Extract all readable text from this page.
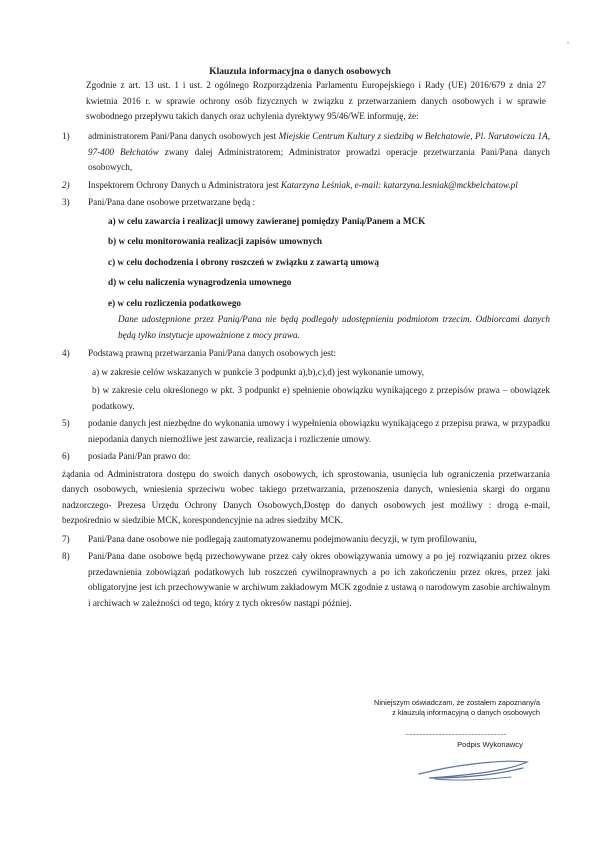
›
Klauzula informacyjna o danych osobowych
Zgodnie z art. 13 ust. 1 i ust. 2 ogólnego Rozporządzenia Parlamentu Europejskiego i Rady (UE) 2016/679 z dnia 27 kwietnia 2016 r. w sprawie ochrony osób fizycznych w związku z przetwarzaniem danych osobowych i w sprawie swobodnego przepływu takich danych oraz uchylenia dyrektywy 95/46/WE informuję, że:
1) administratorem Pani/Pana danych osobowych jest Miejskie Centrum Kultury z siedzibą w Bełchatowie, Pl. Narutowicza 1A, 97-400 Bełchatów zwany dalej Administratorem; Administrator prowadzi operacje przetwarzania Pani/Pana danych osobowych,
2) Inspektorem Ochrony Danych u Administratora jest Katarzyna Leśniak, e-mail: katarzyna.lesniak@mckbelchatow.pl
3) Pani/Pana dane osobowe przetwarzane będą :
a) w celu zawarcia i realizacji umowy zawieranej pomiędzy Panią/Panem a MCK
b) w celu monitorowania realizacji zapisów umownych
c) w celu dochodzenia i obrony roszczeń w związku z zawartą umową
d) w celu naliczenia wynagrodzenia umownego
e) w celu rozliczenia podatkowego
Dane udostępnione przez Panią/Pana nie będą podlegały udostępnieniu podmiotom trzecim. Odbiorcami danych będą tylko instytucje upoważnione z mocy prawa.
4) Podstawą prawną przetwarzania Pani/Pana danych osobowych jest:
a) w zakresie celów wskazanych w punkcie 3 podpunkt a),b),c),d) jest wykonanie umowy,
b) w zakresie celu określonego w pkt. 3 podpunkt e) spełnienie obowiązku wynikającego z przepisów prawa – obowiązek podatkowy.
5) podanie danych jest niezbędne do wykonania umowy i wypełnienia obowiązku wynikającego z przepisu prawa, w przypadku niepodania danych niemożliwe jest zawarcie, realizacja i rozliczenie umowy.
6) posiada Pani/Pan prawo do:
żądania od Administratora dostępu do swoich danych osobowych, ich sprostowania, usunięcia lub ograniczenia przetwarzania danych osobowych, wniesienia sprzeciwu wobec takiego przetwarzania, przenoszenia danych, wniesienia skargi do organu nadzorczego- Prezesa Urzędu Ochrony Danych Osobowych,Dostęp do danych osobowych jest możliwy : drogą e-mail, bezpośrednio w siedzibie MCK, korespondencyjnie na adres siedziby MCK.
7) Pani/Pana dane osobowe nie podlegają zautomatyzowanemu podejmowaniu decyzji, w tym profilowaniu,
8) Pani/Pana dane osobowe będą przechowywane przez cały okres obowiązywania umowy a po jej rozwiązaniu przez okres przedawnienia zobowiązań podatkowych lub roszczeń cywilnoprawnych a po ich zakończeniu przez okres, przez jaki obligatoryjne jest ich przechowywanie w archiwum zakładowym MCK zgodnie z ustawą o narodowym zasobie archiwalnym i archiwach w zależności od tego, który z tych okresów nastąpi później.
Niniejszym oświadczam, że zostałem zapoznany/a
z klauzulą informacyjną o danych osobowych
......................................................................
Podpis Wykonawcy
